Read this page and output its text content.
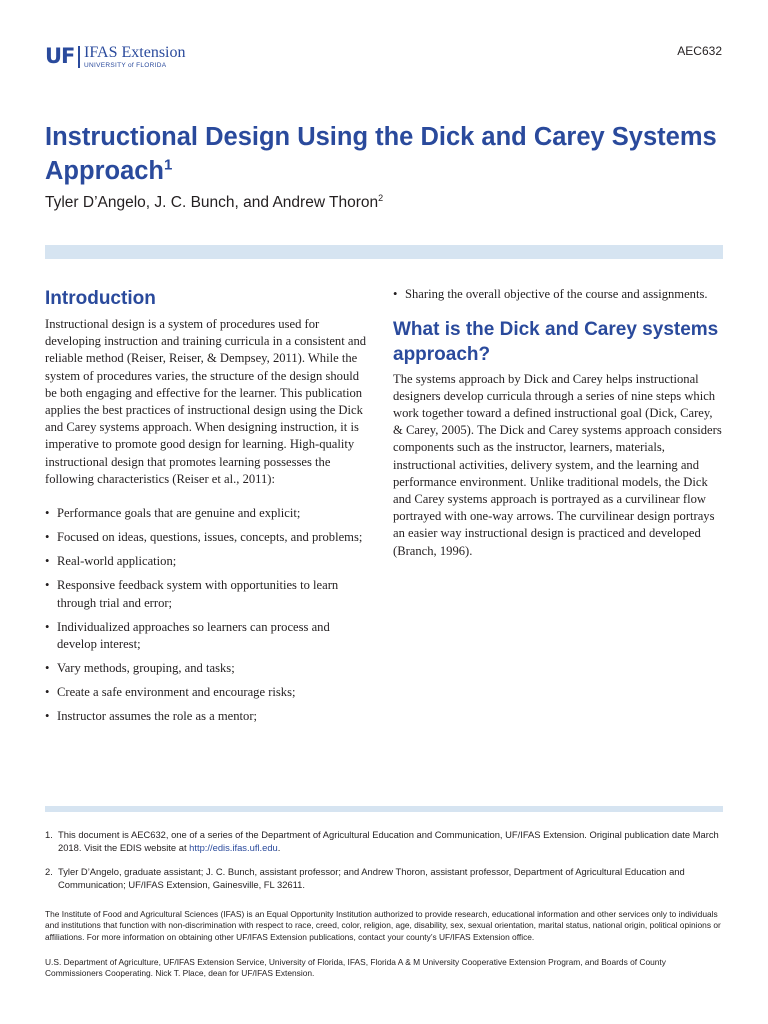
UF IFAS Extension
UNIVERSITY of FLORIDA
AEC632
Instructional Design Using the Dick and Carey Systems Approach$^1$
Tyler D’Angelo, J. C. Bunch, and Andrew Thoron$^2$
Introduction
Instructional design is a system of procedures used for developing instruction and training curricula in a consistent and reliable method (Reiser, Reiser, & Dempsey, 2011). While the system of procedures varies, the structure of the design should be both engaging and effective for the learner. This publication applies the best practices of instructional design using the Dick and Carey systems approach. When designing instruction, it is imperative to promote good design for learning. High-quality instructional design that promotes learning possesses the following characteristics (Reiser et al., 2011):
• Performance goals that are genuine and explicit;
• Focused on ideas, questions, issues, concepts, and problems;
• Real-world application;
• Responsive feedback system with opportunities to learn through trial and error;
• Individualized approaches so learners can process and develop interest;
• Vary methods, grouping, and tasks;
• Create a safe environment and encourage risks;
• Instructor assumes the role as a mentor;
• Sharing the overall objective of the course and assignments.
What is the Dick and Carey systems approach?
The systems approach by Dick and Carey helps instructional designers develop curricula through a series of nine steps which work together toward a defined instructional goal (Dick, Carey, & Carey, 2005). The Dick and Carey systems approach considers components such as the instructor, learners, materials, instructional activities, delivery system, and the learning and performance environment. Unlike traditional models, the Dick and Carey systems approach is portrayed as a curvilinear flow portrayed with one-way arrows. The curvilinear design portrays an easier way instructional design is practiced and developed (Branch, 1996).
1. This document is AEC632, one of a series of the Department of Agricultural Education and Communication, UF/IFAS Extension. Original publication date March 2018. Visit the EDIS website at http://edis.ifas.ufl.edu.
2. Tyler D’Angelo, graduate assistant; J. C. Bunch, assistant professor; and Andrew Thoron, assistant professor, Department of Agricultural Education and Communication; UF/IFAS Extension, Gainesville, FL 32611.
The Institute of Food and Agricultural Sciences (IFAS) is an Equal Opportunity Institution authorized to provide research, educational information and other services only to individuals and institutions that function with non-discrimination with respect to race, creed, color, religion, age, disability, sex, sexual orientation, marital status, national origin, political opinions or affiliations. For more information on obtaining other UF/IFAS Extension publications, contact your county’s UF/IFAS Extension office.
U.S. Department of Agriculture, UF/IFAS Extension Service, University of Florida, IFAS, Florida A & M University Cooperative Extension Program, and Boards of County Commissioners Cooperating. Nick T. Place, dean for UF/IFAS Extension.
